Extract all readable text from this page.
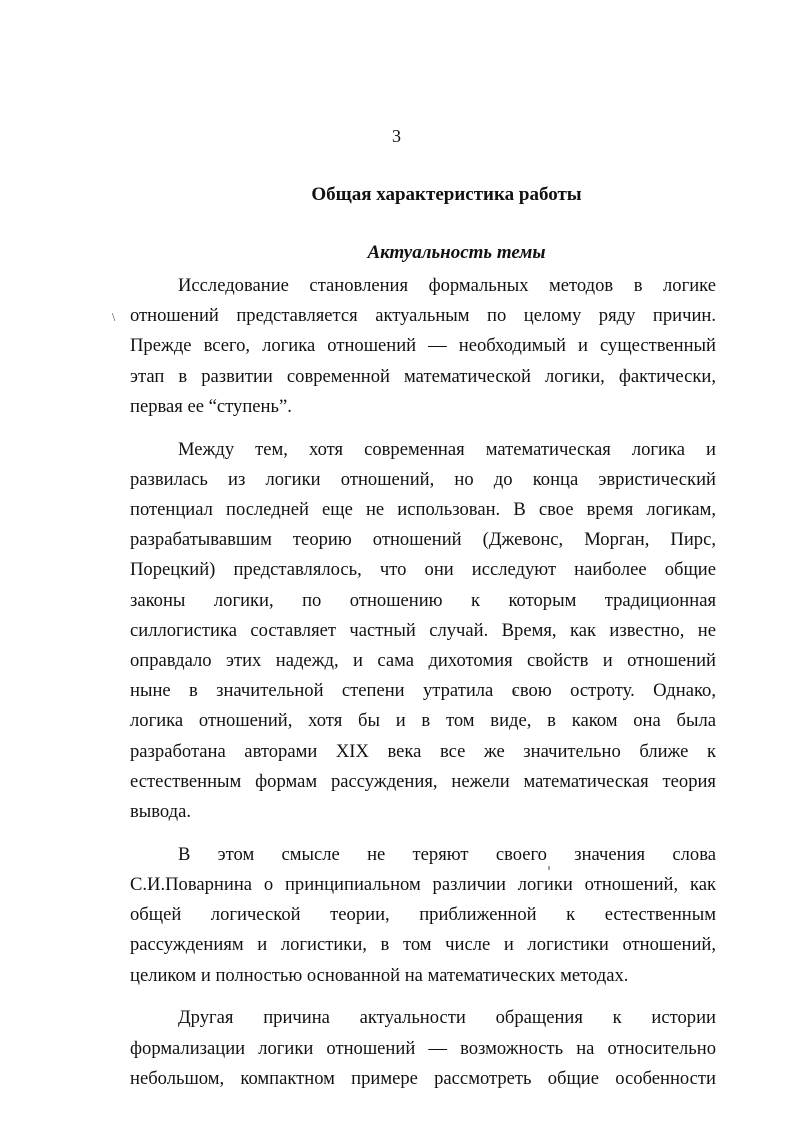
∖
3
Общая характеристика работы
Актуальность темы

Исследование становления формальных методов в логике
отношений представляется актуальным по целому ряду причин.
Прежде всего, логика отношений — необходимый и существенный
этап в развитии современной математической логики, фактически,
первая ее “ступень”.

Между тем, хотя современная математическая логика и
развилась из логики отношений, но до конца эвристический
потенциал последней еще не использован. В свое время логикам,
разрабатывавшим теорию отношений (Джевонс, Морган, Пирс,
Порецкий) представлялось, что они исследуют наиболее общие
законы логики, по отношению к которым традиционная
силлогистика составляет частный случай. Время, как известно, не
оправдало этих надежд, и сама дихотомия свойств и отношений
ныне в значительной степени утратила свою остроту. Однако,
логика отношений, хотя бы и в том виде, в каком она была
разработана авторами XIX века все же значительно ближе к
естественным формам рассуждения, нежели математическая теория
вывода.

В этом смысле не теряют своего значения слова
С.И.Поварнина о принципиальном различии логики отношений, как
общей логической теории, приближенной к естественным
рассуждениям и логистики, в том числе и логистики отношений,
целиком и полностью основанной на математических методах.

Другая причина актуальности обращения к истории
формализации логики отношений — возможность на относительно
небольшом, компактном примере рассмотреть общие особенности
